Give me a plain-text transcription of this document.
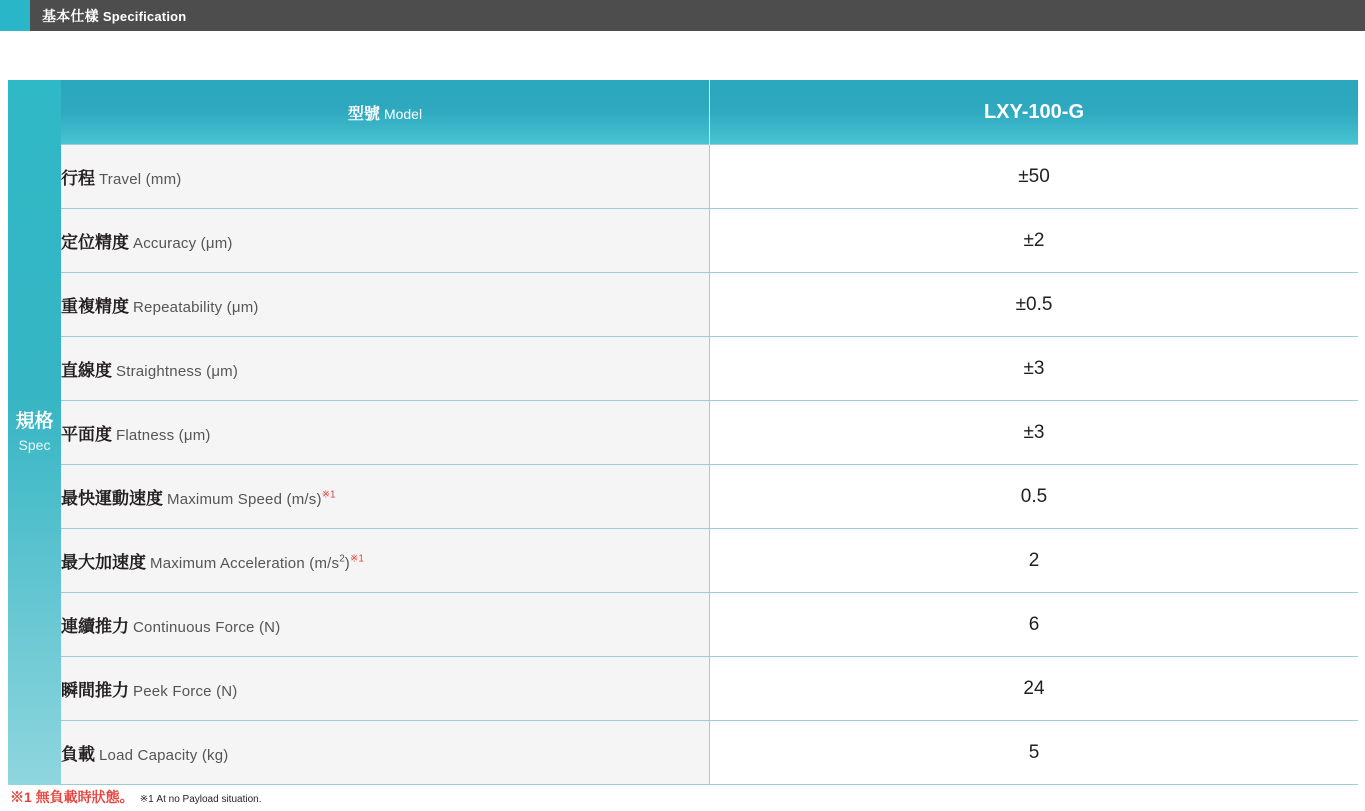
基本仕樣 Specification
規格
Spec	型號 Model	LXY-100-G
	行程 Travel (mm)	±50
	定位精度 Accuracy (μm)	±2
	重複精度 Repeatability (μm)	±0.5
	直線度 Straightness (μm)	±3
	平面度 Flatness (μm)	±3
	最快運動速度 Maximum Speed (m/s)$^{※1}$	0.5
	最大加速度 Maximum Acceleration $(m/s^2)^{※1}$	2
	連續推力 Continuous Force (N)	6
	瞬間推力 Peek Force (N)	24
	負載 Load Capacity (kg)	5
※1 無負載時狀態。 ※1 At no Payload situation.
